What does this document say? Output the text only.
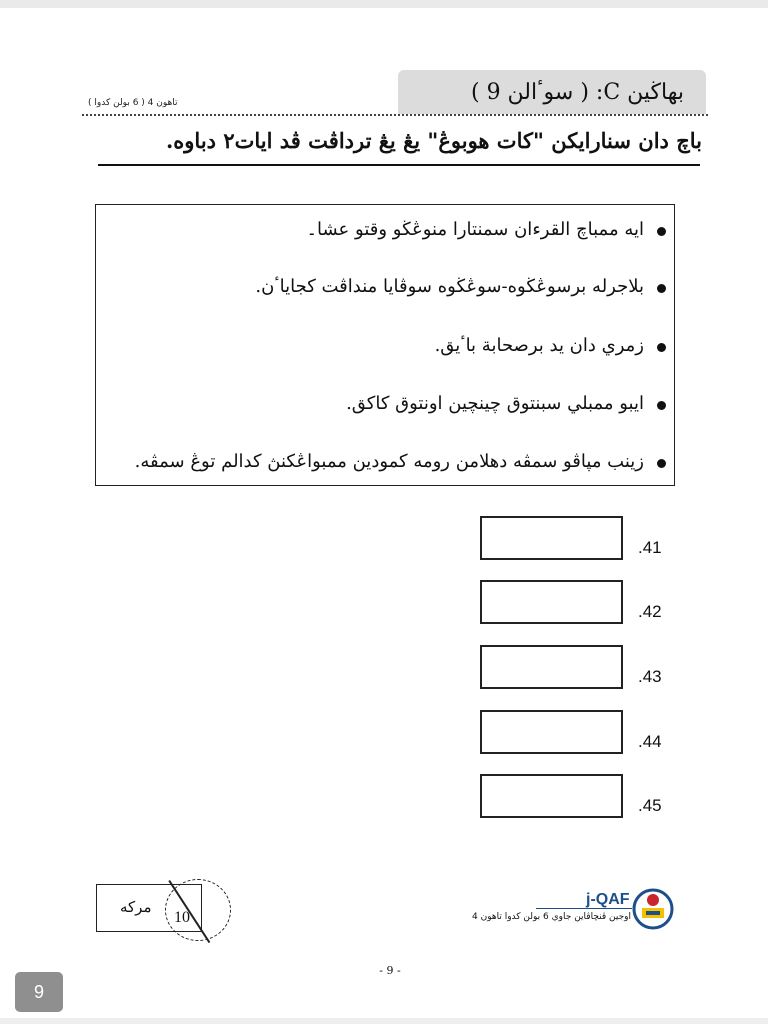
تاهون 4 ( 6 بولن كدوا )	بهاڬين C: ( سوٴالن 9 )
باچ دان سنارايكن "كات هوبوڠ" يڠ يڠ ترداڤت ڤد ايات٢ دباوه.
ايه ممباچ القرءان سمنتارا منوڠڬو وقتو عشا۔
بلاجرله برسوڠڬوه-سوڠڬوه سوڤايا منداڤت كجاياٴن.
زمري دان يد برصحابة باٴيق.
ايبو ممبلي سبنتوق چينچين اونتوق كاكق.
زينب مڽاڤو سمڤه دهلامن رومه كمودين ممبواڠكنڽ كدالم توڠ سمڤه.
.41
.42
.43
.44
.45
مركه
10
j-QAF
اوجين ڤنچاڤاين جاوي 6 بولن كدوا تاهون 4
- 9 -
9
